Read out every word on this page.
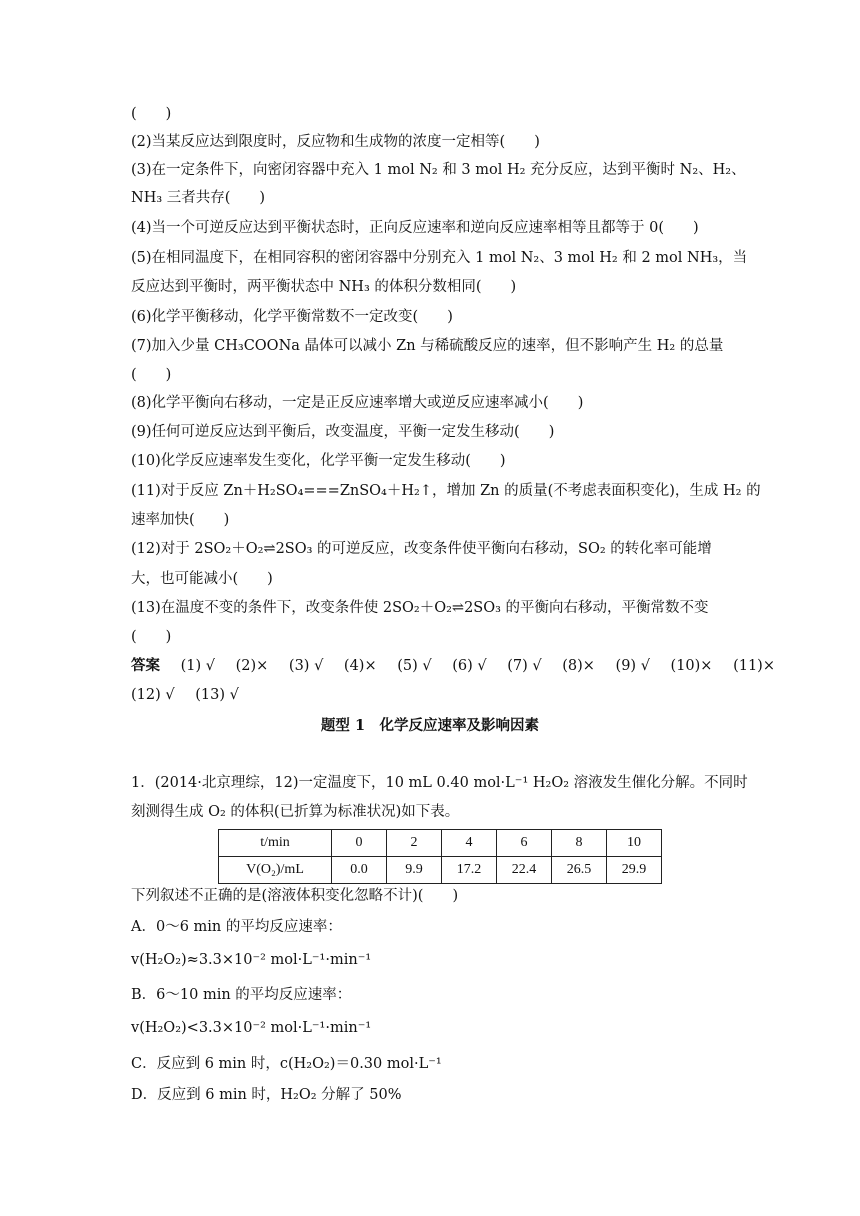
(　　)
(2)当某反应达到限度时，反应物和生成物的浓度一定相等(　　)
(3)在一定条件下，向密闭容器中充入 1 mol N₂ 和 3 mol H₂ 充分反应，达到平衡时 N₂、H₂、
NH₃ 三者共存(　　)
(4)当一个可逆反应达到平衡状态时，正向反应速率和逆向反应速率相等且都等于 0(　　)
(5)在相同温度下，在相同容积的密闭容器中分别充入 1 mol N₂、3 mol H₂ 和 2 mol NH₃，当
反应达到平衡时，两平衡状态中 NH₃ 的体积分数相同(　　)
(6)化学平衡移动，化学平衡常数不一定改变(　　)
(7)加入少量 CH₃COONa 晶体可以减小 Zn 与稀硫酸反应的速率，但不影响产生 H₂ 的总量
(　　)
(8)化学平衡向右移动，一定是正反应速率增大或逆反应速率减小(　　)
(9)任何可逆反应达到平衡后，改变温度，平衡一定发生移动(　　)
(10)化学反应速率发生变化，化学平衡一定发生移动(　　)
(11)对于反应 Zn＋H₂SO₄===ZnSO₄＋H₂↑，增加 Zn 的质量(不考虑表面积变化)，生成 H₂ 的
速率加快(　　)
(12)对于 2SO₂＋O₂⇌2SO₃ 的可逆反应，改变条件使平衡向右移动，SO₂ 的转化率可能增
大，也可能减小(　　)
(13)在温度不变的条件下，改变条件使 2SO₂＋O₂⇌2SO₃ 的平衡向右移动，平衡常数不变
(　　)
答案 (1) √ (2)× (3) √ (4)× (5) √ (6) √ (7) √ (8)× (9) √ (10)× (11)×
(12) √ (13) √
题型 1　化学反应速率及影响因素
1．(2014·北京理综，12)一定温度下，10 mL 0.40 mol·L⁻¹ H₂O₂ 溶液发生催化分解。不同时
刻测得生成 O₂ 的体积(已折算为标准状况)如下表。
t/min	0	2	4	6	8	10
V(O₂)/mL	0.0	9.9	17.2	22.4	26.5	29.9
下列叙述不正确的是(溶液体积变化忽略不计)(　　)
A．0～6 min 的平均反应速率：
v(H₂O₂)≈3.3×10⁻² mol·L⁻¹·min⁻¹
B．6～10 min 的平均反应速率：
v(H₂O₂)<3.3×10⁻² mol·L⁻¹·min⁻¹
C．反应到 6 min 时，c(H₂O₂)＝0.30 mol·L⁻¹
D．反应到 6 min 时，H₂O₂ 分解了 50%
